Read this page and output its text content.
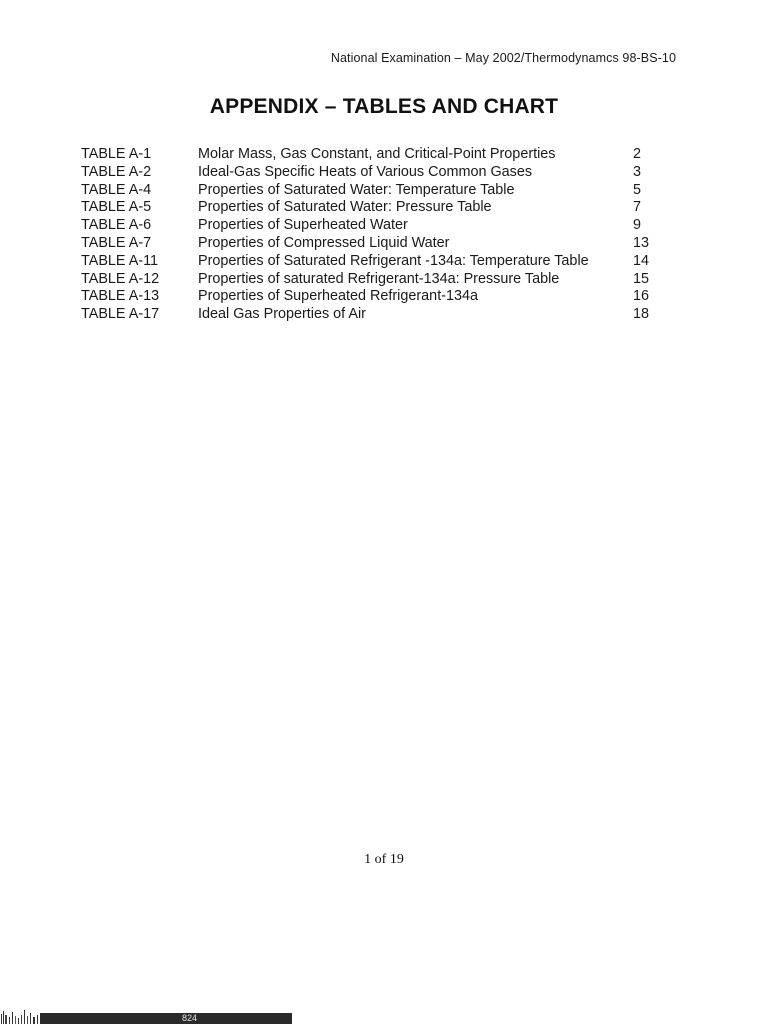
National Examination – May 2002/Thermodynamcs 98-BS-10
APPENDIX – TABLES AND CHART
TABLE A-1	Molar Mass, Gas Constant, and Critical-Point Properties	2
TABLE A-2	Ideal-Gas Specific Heats of Various Common Gases	3
TABLE A-4	Properties of Saturated Water: Temperature Table	5
TABLE A-5	Properties of Saturated Water: Pressure Table	7
TABLE A-6	Properties of Superheated Water	9
TABLE A-7	Properties of Compressed Liquid Water	13
TABLE A-11	Properties of Saturated Refrigerant -134a: Temperature Table	14
TABLE A-12	Properties of saturated Refrigerant-134a: Pressure Table	15
TABLE A-13	Properties of Superheated Refrigerant-134a	16
TABLE A-17	Ideal Gas Properties of Air	18
1 of 19
824
